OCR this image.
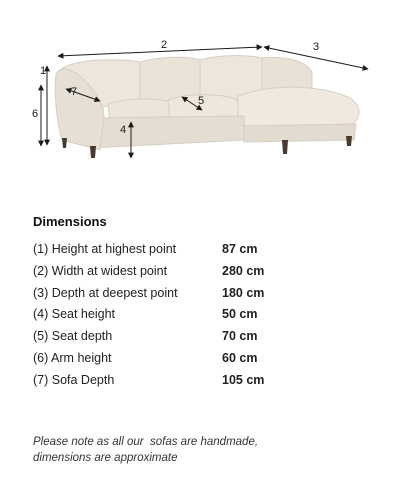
1
2	3
4
5
6
7
Dimensions
(1) Height at highest point	87 cm
(2) Width at widest point	280 cm
(3) Depth at deepest point	180 cm
(4) Seat height	50 cm
(5) Seat depth	70 cm
(6) Arm height	60 cm
(7) Sofa Depth	105 cm
Please note as all our  sofas are handmade,
dimensions are approximate
